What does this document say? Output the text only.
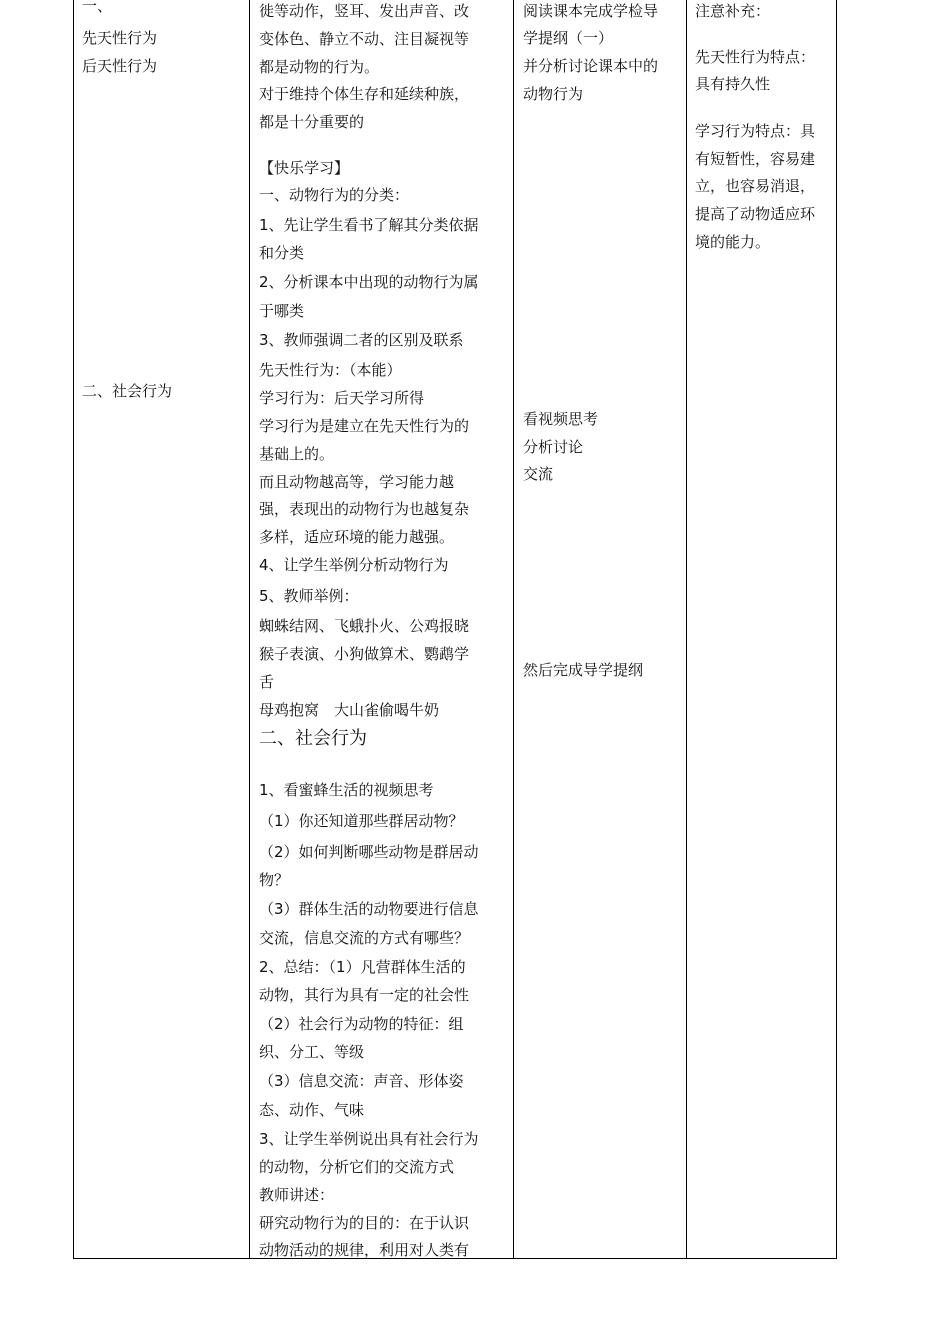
一、
先天性行为
后天性行为
二、社会行为
徙等动作，竖耳、发出声音、改
变体色、静立不动、注目凝视等
都是动物的行为。
对于维持个体生存和延续种族，
都是十分重要的
【快乐学习】
一、动物行为的分类：
1、先让学生看书了解其分类依据
和分类
2、分析课本中出现的动物行为属
于哪类
3、教师强调二者的区别及联系
先天性行为：（本能）
学习行为：后天学习所得
学习行为是建立在先天性行为的
基础上的。
而且动物越高等，学习能力越
强，表现出的动物行为也越复杂
多样，适应环境的能力越强。
4、让学生举例分析动物行为
5、教师举例：
蜘蛛结网、飞蛾扑火、公鸡报晓
猴子表演、小狗做算术、鹦鹉学
舌
母鸡抱窝　大山雀偷喝牛奶
二、社会行为
1、看蜜蜂生活的视频思考
（1）你还知道那些群居动物？
（2）如何判断哪些动物是群居动
物？
（3）群体生活的动物要进行信息
交流，信息交流的方式有哪些？
2、总结：（1）凡营群体生活的
动物，其行为具有一定的社会性
（2）社会行为动物的特征：组
织、分工、等级
（3）信息交流：声音、形体姿
态、动作、气味
3、让学生举例说出具有社会行为
的动物，分析它们的交流方式
教师讲述：
研究动物行为的目的：在于认识
动物活动的规律，利用对人类有
阅读课本完成学检导
学提纲（一）
并分析讨论课本中的
动物行为
看视频思考
分析讨论
交流
然后完成导学提纲
注意补充：
先天性行为特点：
具有持久性
学习行为特点：具
有短暂性，容易建
立，也容易消退，
提高了动物适应环
境的能力。
